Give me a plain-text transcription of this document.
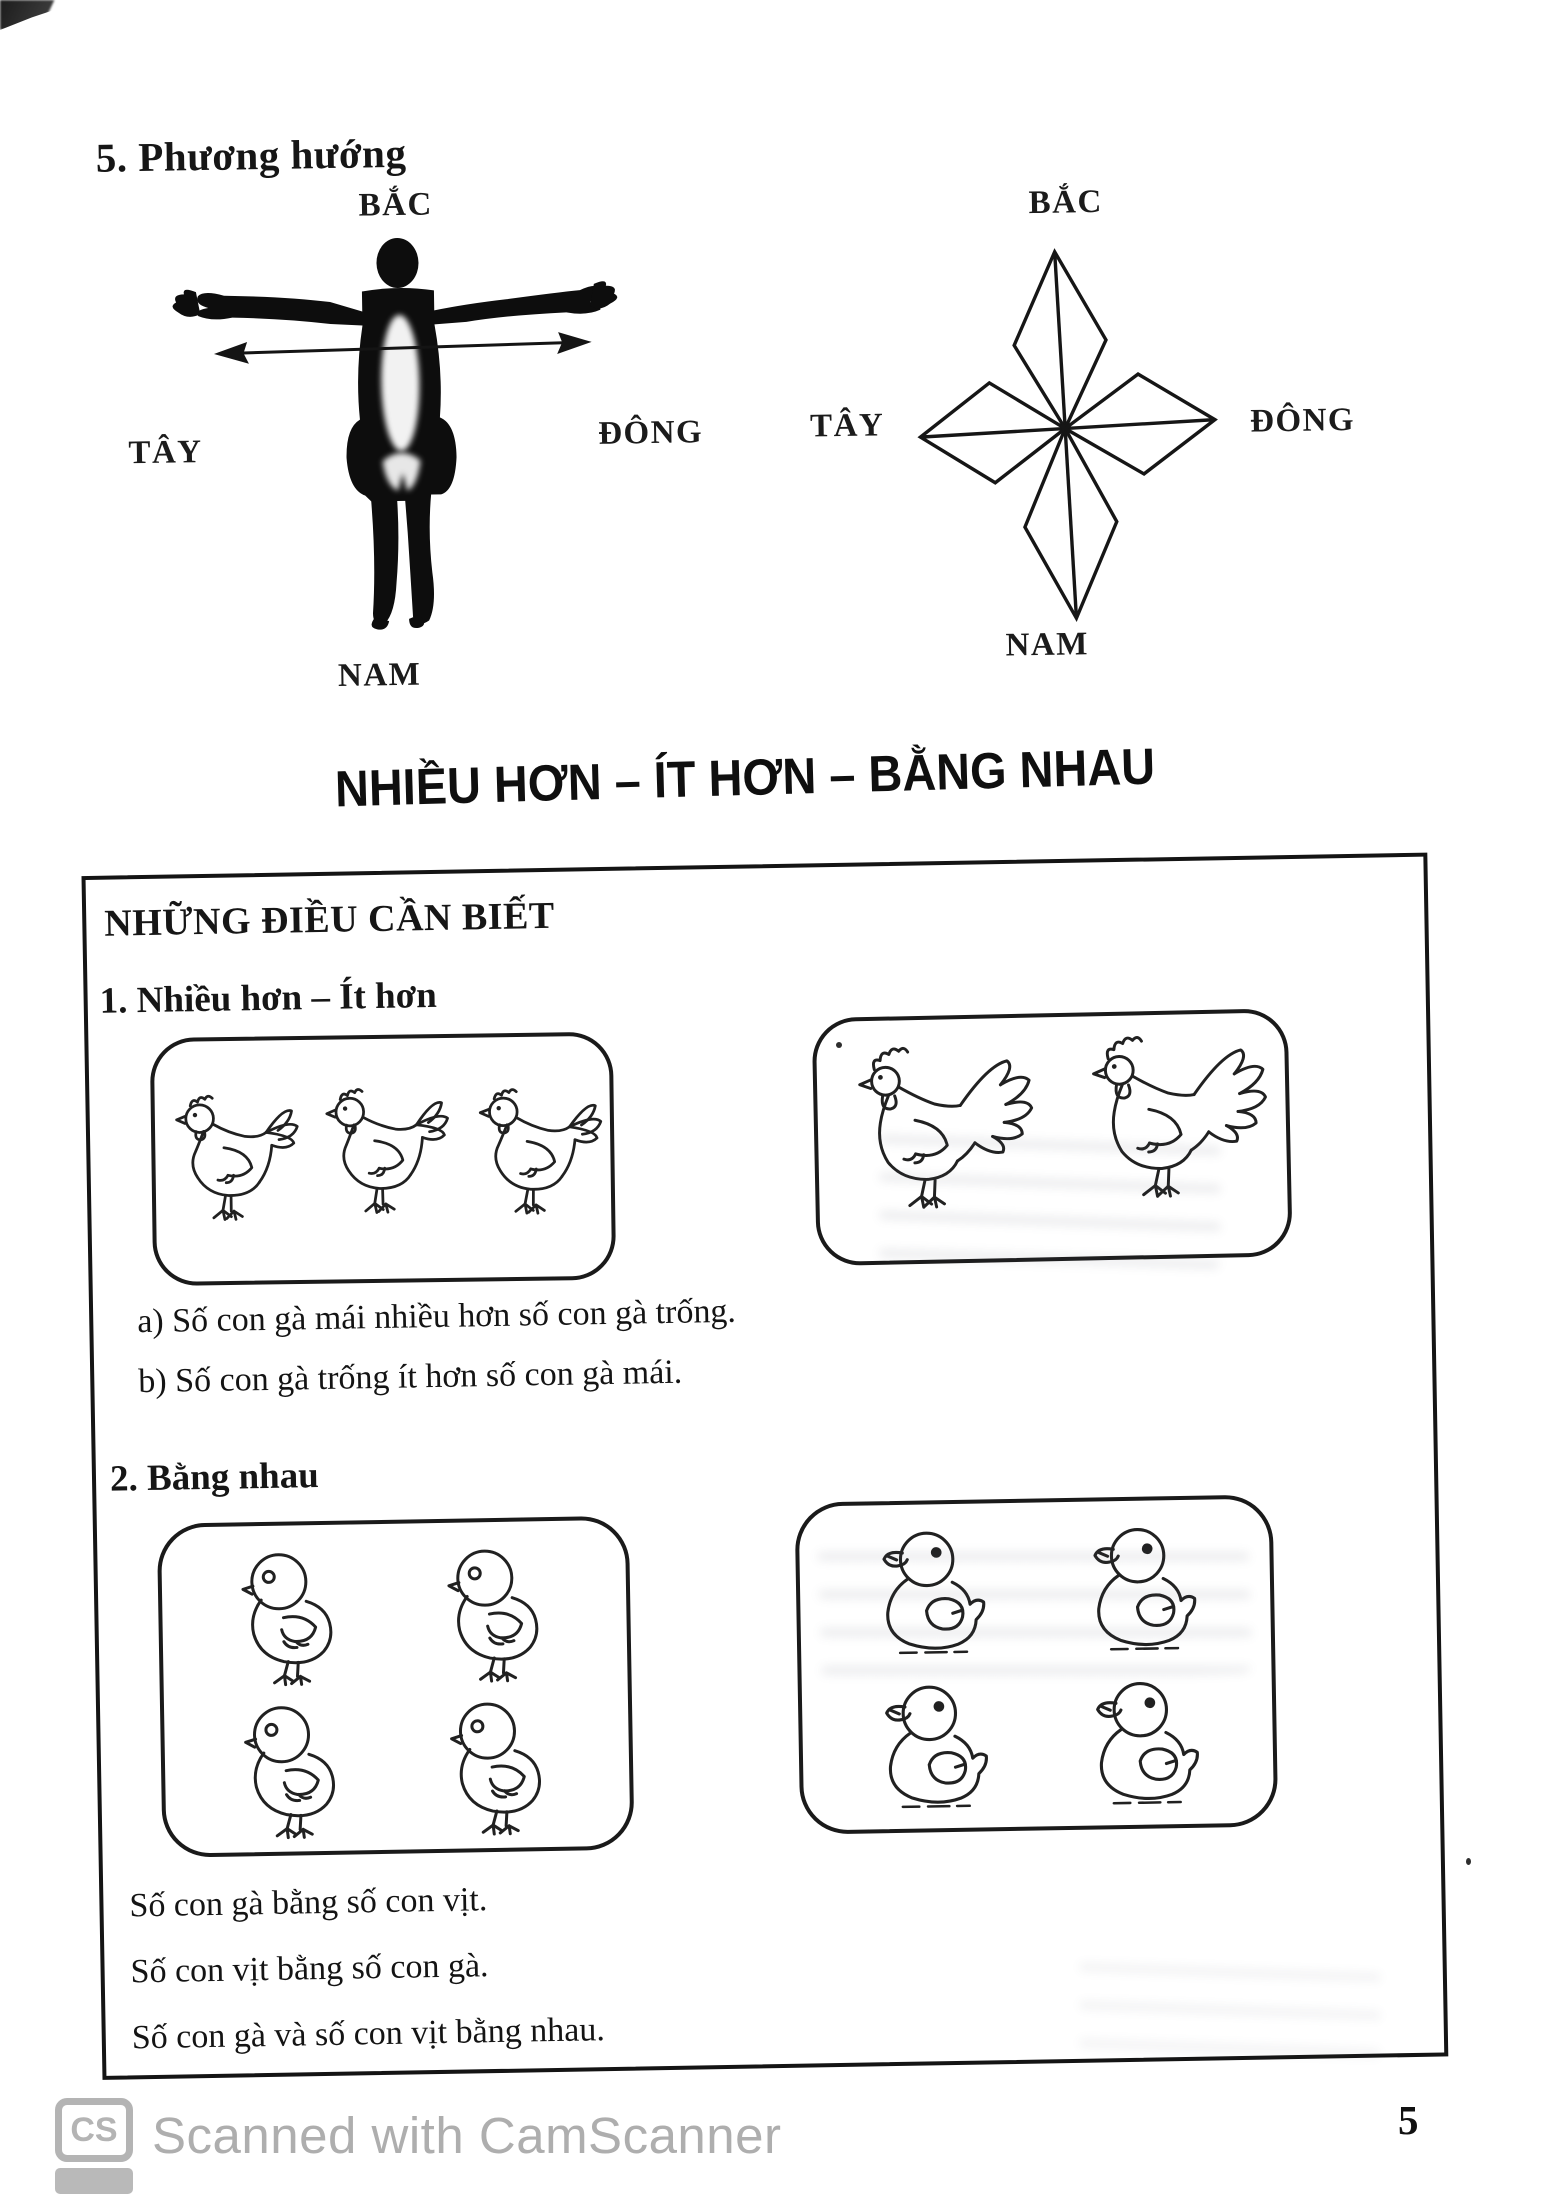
5. Phương hướng
BẮC
TÂY
ĐÔNG
NAM
BẮC
TÂY	ĐÔNG
NAM
NHIỀU HƠN – ÍT HƠN – BẰNG NHAU
NHỮNG ĐIỀU CẦN BIẾT
1. Nhiều hơn – Ít hơn
a) Số con gà mái nhiều hơn số con gà trống.
b) Số con gà trống ít hơn số con gà mái.
2. Bằng nhau
Số con gà bằng số con vịt.
Số con vịt bằng số con gà.
Số con gà và số con vịt bằng nhau.
CS Scanned with CamScanner	5
